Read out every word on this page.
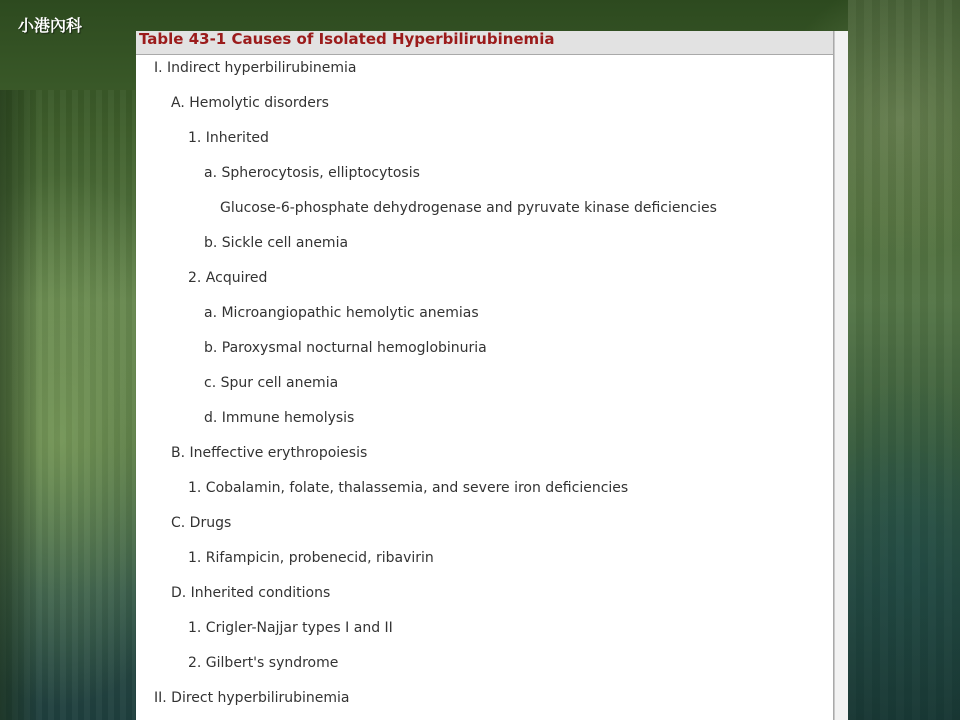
小港內科
Table 43-1 Causes of Isolated Hyperbilirubinemia
I. Indirect hyperbilirubinemia
A. Hemolytic disorders
1. Inherited
a. Spherocytosis, elliptocytosis
Glucose-6-phosphate dehydrogenase and pyruvate kinase deficiencies
b. Sickle cell anemia
2. Acquired
a. Microangiopathic hemolytic anemias
b. Paroxysmal nocturnal hemoglobinuria
c. Spur cell anemia
d. Immune hemolysis
B. Ineffective erythropoiesis
1. Cobalamin, folate, thalassemia, and severe iron deficiencies
C. Drugs
1. Rifampicin, probenecid, ribavirin
D. Inherited conditions
1. Crigler-Najjar types I and II
2. Gilbert's syndrome
II. Direct hyperbilirubinemia
